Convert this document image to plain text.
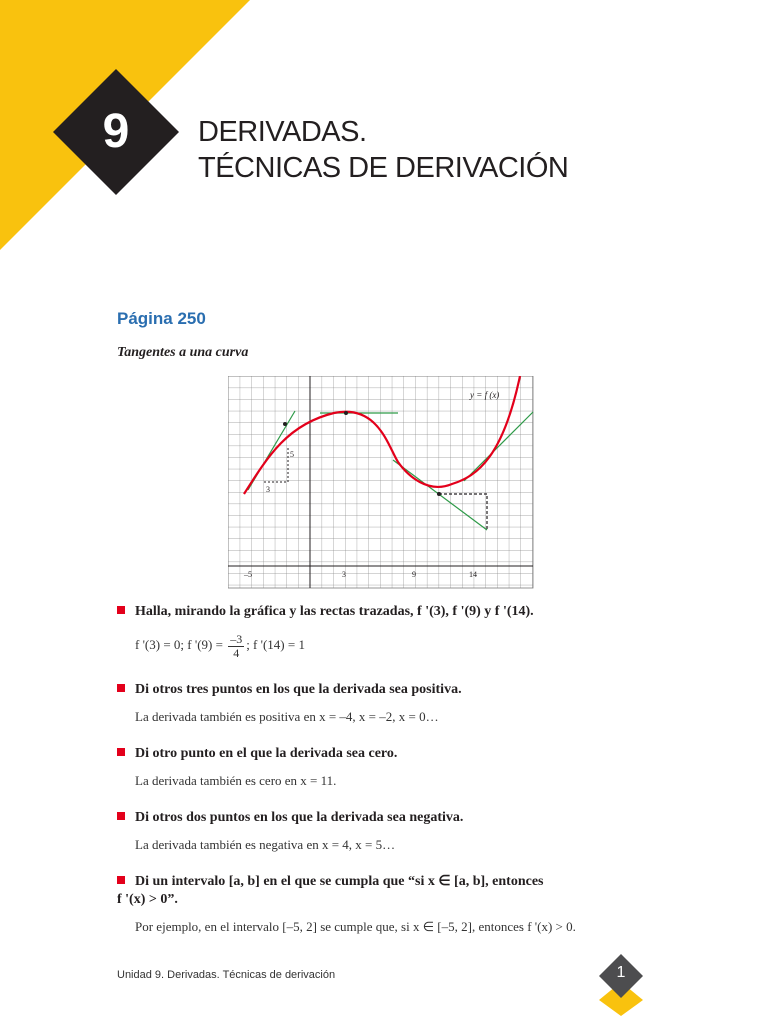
9	DERIVADAS.
TÉCNICAS DE DERIVACIÓN
Página 250
Tangentes a una curva
y = f (x)
5
3
–5	3	9	14
Halla, mirando la gráfica y las rectas trazadas, f '(3), f '(9) y f '(14).
f '(3) = 0; f '$(9) = \frac{-3}{4}$ ; f '(14) = 1
Di otros tres puntos en los que la derivada sea positiva.
La derivada también es positiva en x = –4, x = –2, x = 0…
Di otro punto en el que la derivada sea cero.
La derivada también es cero en x = 11.
Di otros dos puntos en los que la derivada sea negativa.
La derivada también es negativa en x = 4, x = 5…
Di un intervalo [a, b] en el que se cumpla que “si x ∈ [a, b], entonces
f '(x) > 0”.
Por ejemplo, en el intervalo [–5, 2] se cumple que, si x ∈ [–5, 2], entonces f '(x) > 0.
Unidad 9. Derivadas. Técnicas de derivación	1
